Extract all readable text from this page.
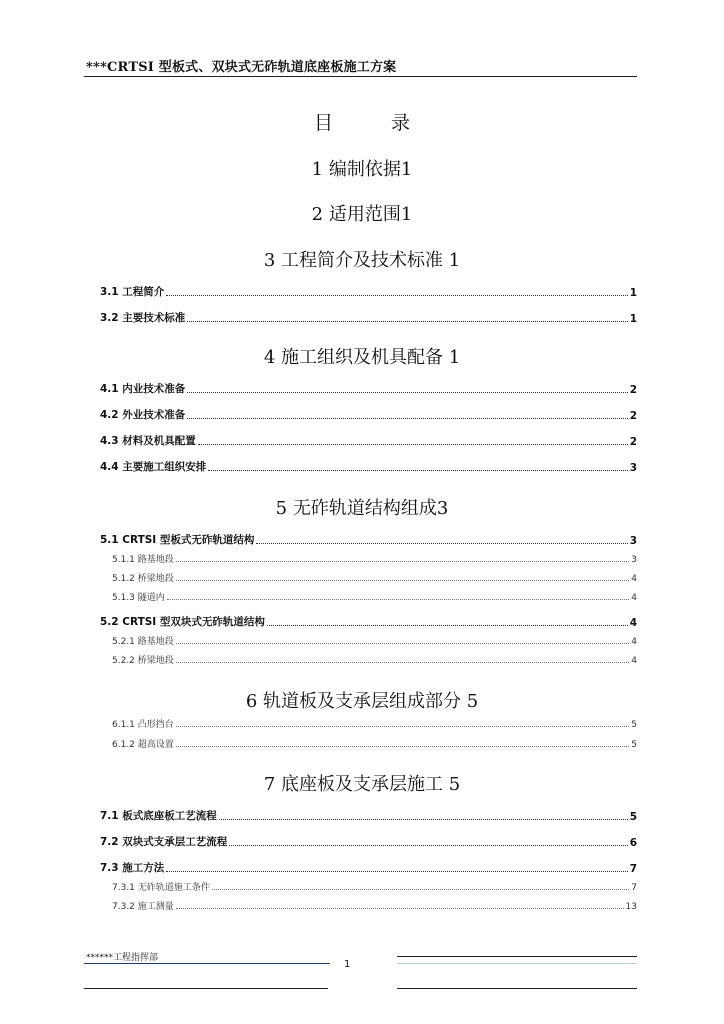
***CRTSⅠ 型板式、双块式无砟轨道底座板施工方案
目 录
1 编制依据1
2 适用范围1
3 工程简介及技术标准 1
3.1 工程简介	1
3.2 主要技术标准	1
4 施工组织及机具配备 1
4.1 内业技术准备	2
4.2 外业技术准备	2
4.3 材料及机具配置	2
4.4 主要施工组织安排	3
5 无砟轨道结构组成3
5.1 CRTSⅠ 型板式无砟轨道结构	3
5.1.1 路基地段	3
5.1.2 桥梁地段	4
5.1.3 隧道内	4
5.2 CRTSⅠ 型双块式无砟轨道结构	4
5.2.1 路基地段	4
5.2.2 桥梁地段	4
6 轨道板及支承层组成部分 5
6.1.1 凸形挡台	5
6.1.2 超高设置	5
7 底座板及支承层施工 5
7.1 板式底座板工艺流程	5
7.2 双块式支承层工艺流程	6
7.3 施工方法	7
7.3.1 无砟轨道施工条件	7
7.3.2 施工测量	13
******工程指挥部
1
